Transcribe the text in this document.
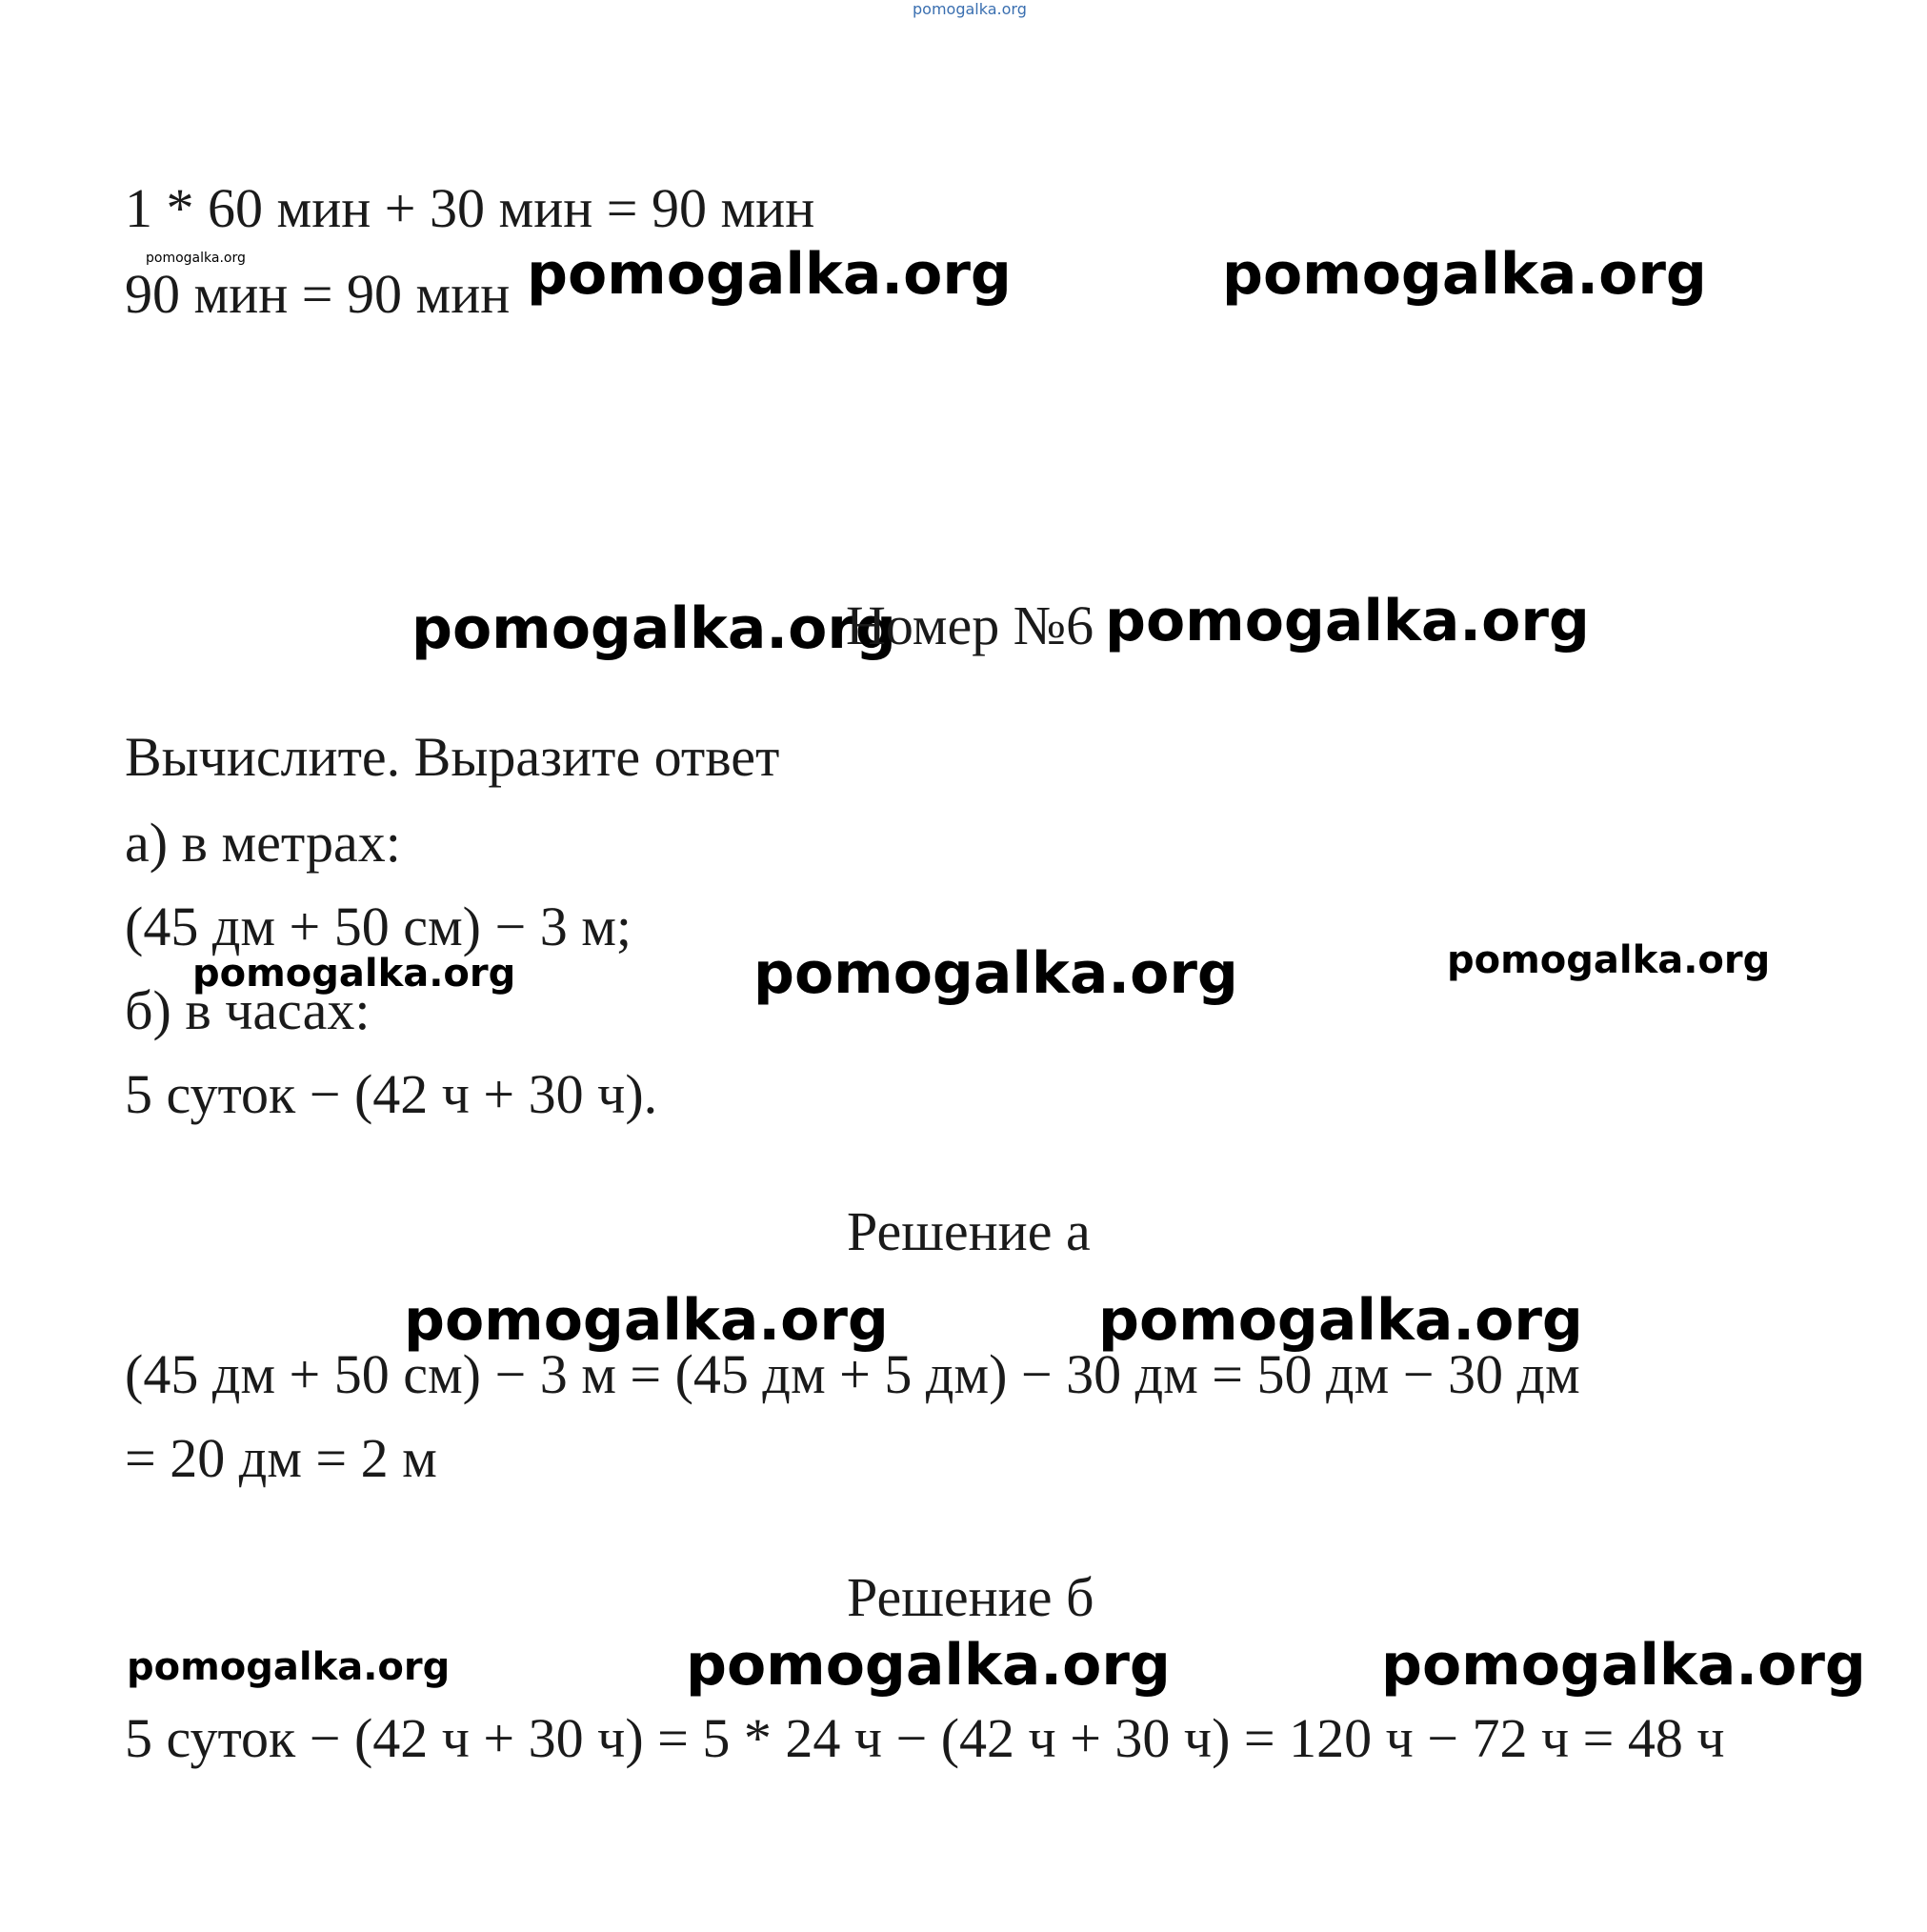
pomogalka.org
1 * 60 мин + 30 мин = 90 мин
90 мин = 90 мин
pomogalka.org	pomogalka.org	pomogalka.org
pomogalka.org
Номер №6 pomogalka.org
Вычислите. Выразите ответ
а) в метрах:
(45 дм + 50 см) − 3 м;
б) в часах:
5 суток − (42 ч + 30 ч).
pomogalka.org	pomogalka.org	pomogalka.org
Решение а
pomogalka.org	pomogalka.org
(45 дм + 50 см) − 3 м = (45 дм + 5 дм) − 30 дм = 50 дм − 30 дм
= 20 дм = 2 м
Решение б
pomogalka.org	pomogalka.org	pomogalka.org
5 суток − (42 ч + 30 ч) = 5 * 24 ч − (42 ч + 30 ч) = 120 ч − 72 ч = 48 ч
